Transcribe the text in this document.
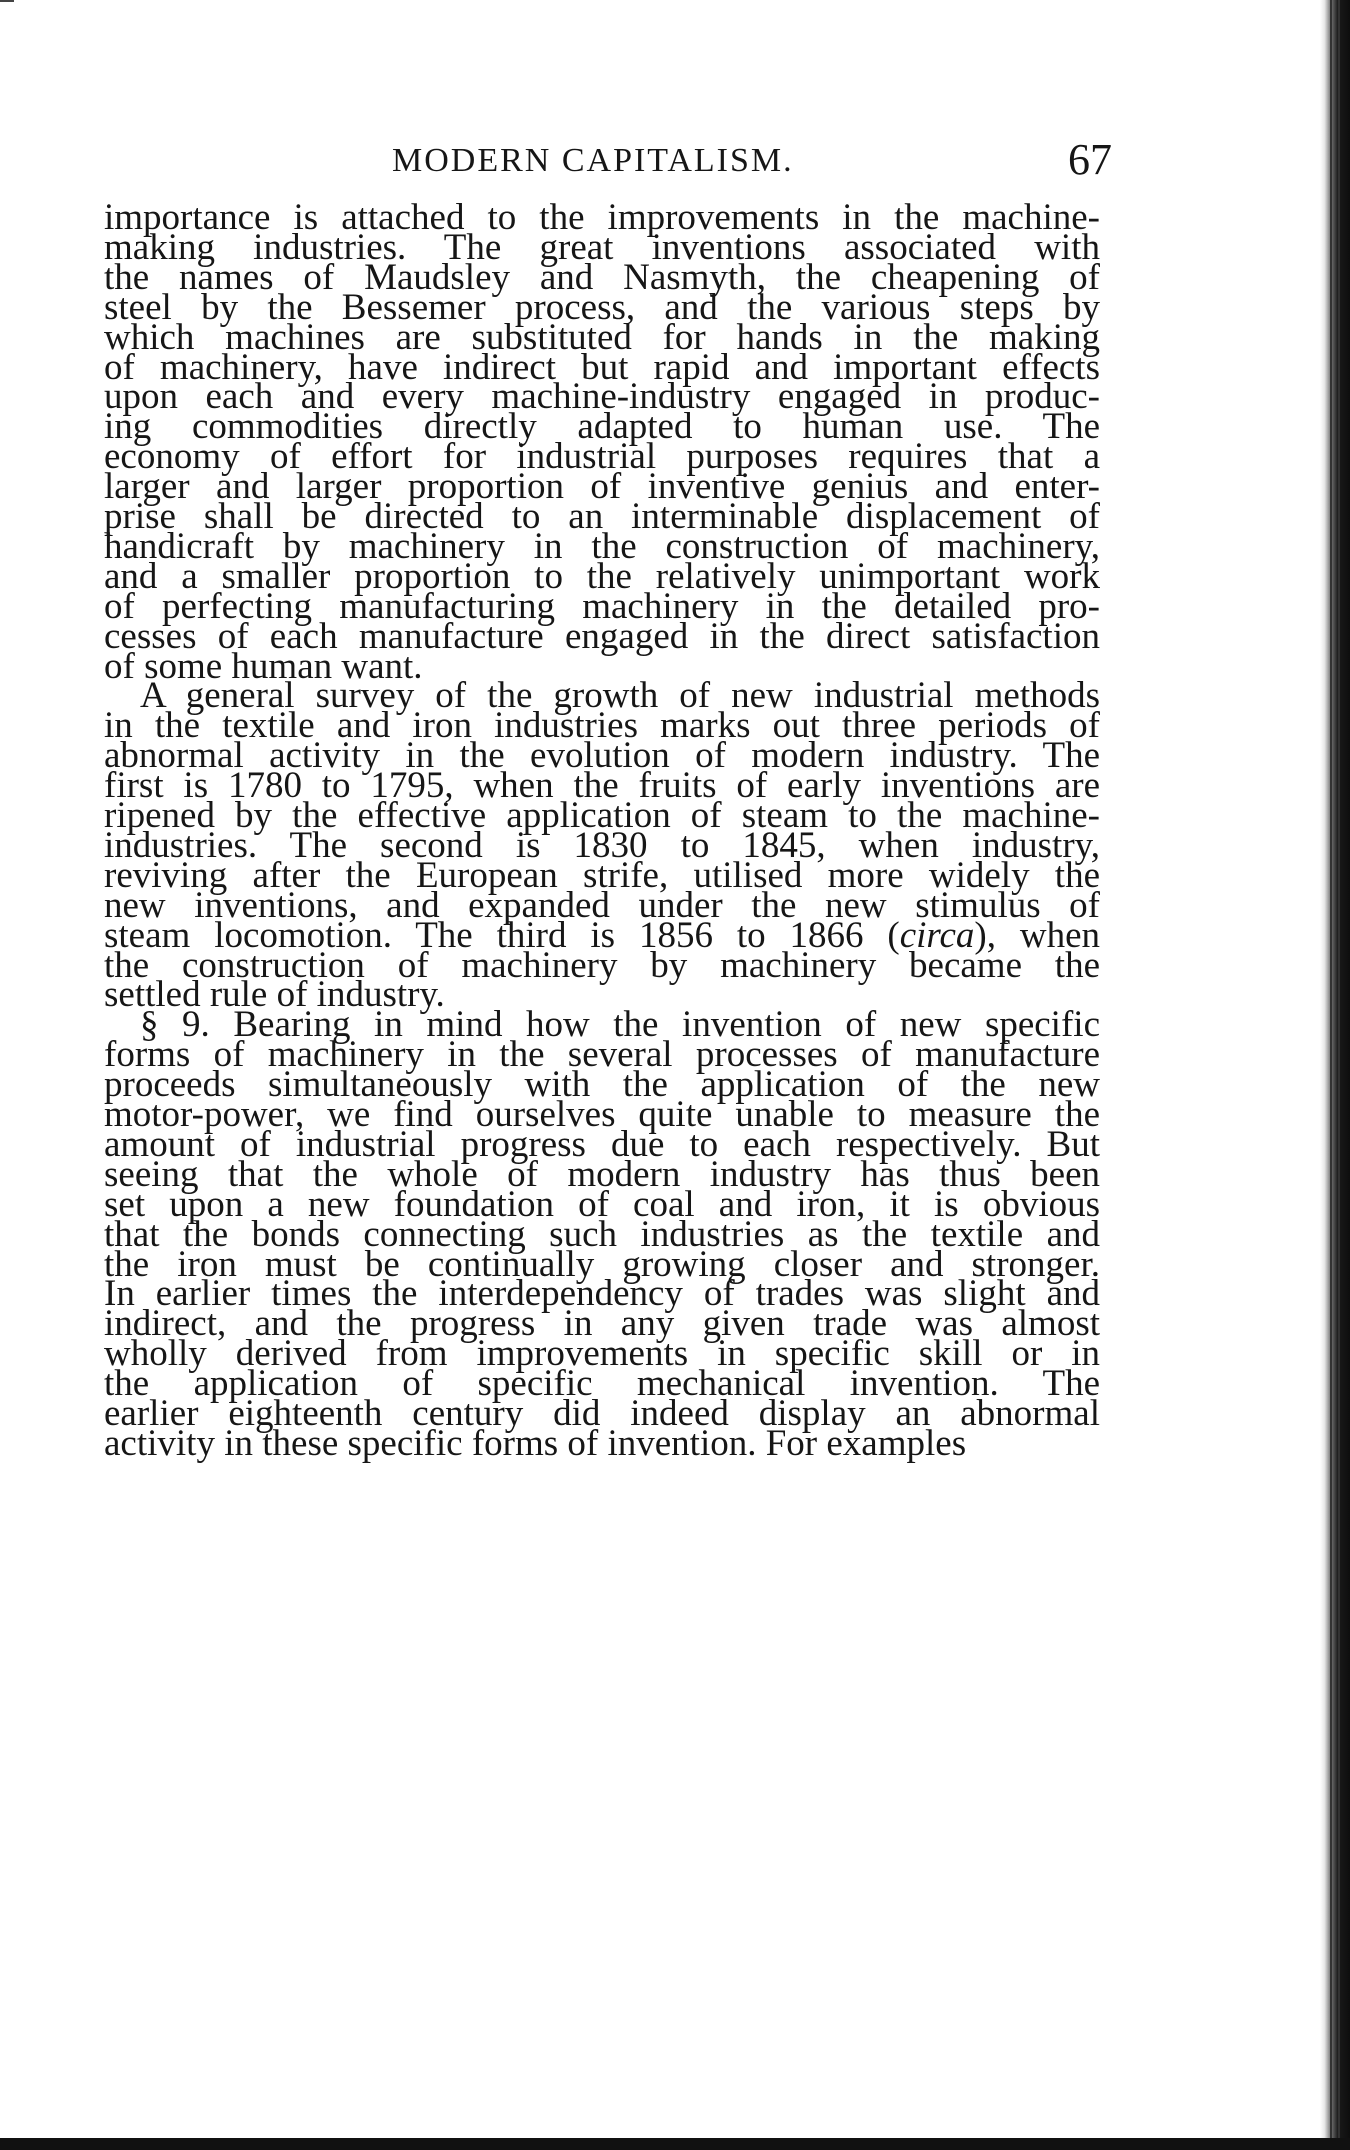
MODERN CAPITALISM.	67
importance is attached to the improvements in the machine-
making industries. The great inventions associated with
the names of Maudsley and Nasmyth, the cheapening of
steel by the Bessemer process, and the various steps by
which machines are substituted for hands in the making
of machinery, have indirect but rapid and important effects
upon each and every machine-industry engaged in produc-
ing commodities directly adapted to human use. The
economy of effort for industrial purposes requires that a
larger and larger proportion of inventive genius and enter-
prise shall be directed to an interminable displacement of
handicraft by machinery in the construction of machinery,
and a smaller proportion to the relatively unimportant work
of perfecting manufacturing machinery in the detailed pro-
cesses of each manufacture engaged in the direct satisfaction
of some human want.
A general survey of the growth of new industrial methods
in the textile and iron industries marks out three periods of
abnormal activity in the evolution of modern industry. The
first is 1780 to 1795, when the fruits of early inventions are
ripened by the effective application of steam to the machine-
industries. The second is 1830 to 1845, when industry,
reviving after the European strife, utilised more widely the
new inventions, and expanded under the new stimulus of
steam locomotion. The third is 1856 to 1866 (circa), when
the construction of machinery by machinery became the
settled rule of industry.
§ 9. Bearing in mind how the invention of new specific
forms of machinery in the several processes of manufacture
proceeds simultaneously with the application of the new
motor-power, we find ourselves quite unable to measure the
amount of industrial progress due to each respectively. But
seeing that the whole of modern industry has thus been
set upon a new foundation of coal and iron, it is obvious
that the bonds connecting such industries as the textile and
the iron must be continually growing closer and stronger.
In earlier times the interdependency of trades was slight and
indirect, and the progress in any given trade was almost
wholly derived from improvements in specific skill or in
the application of specific mechanical invention. The
earlier eighteenth century did indeed display an abnormal
activity in these specific forms of invention. For examples
